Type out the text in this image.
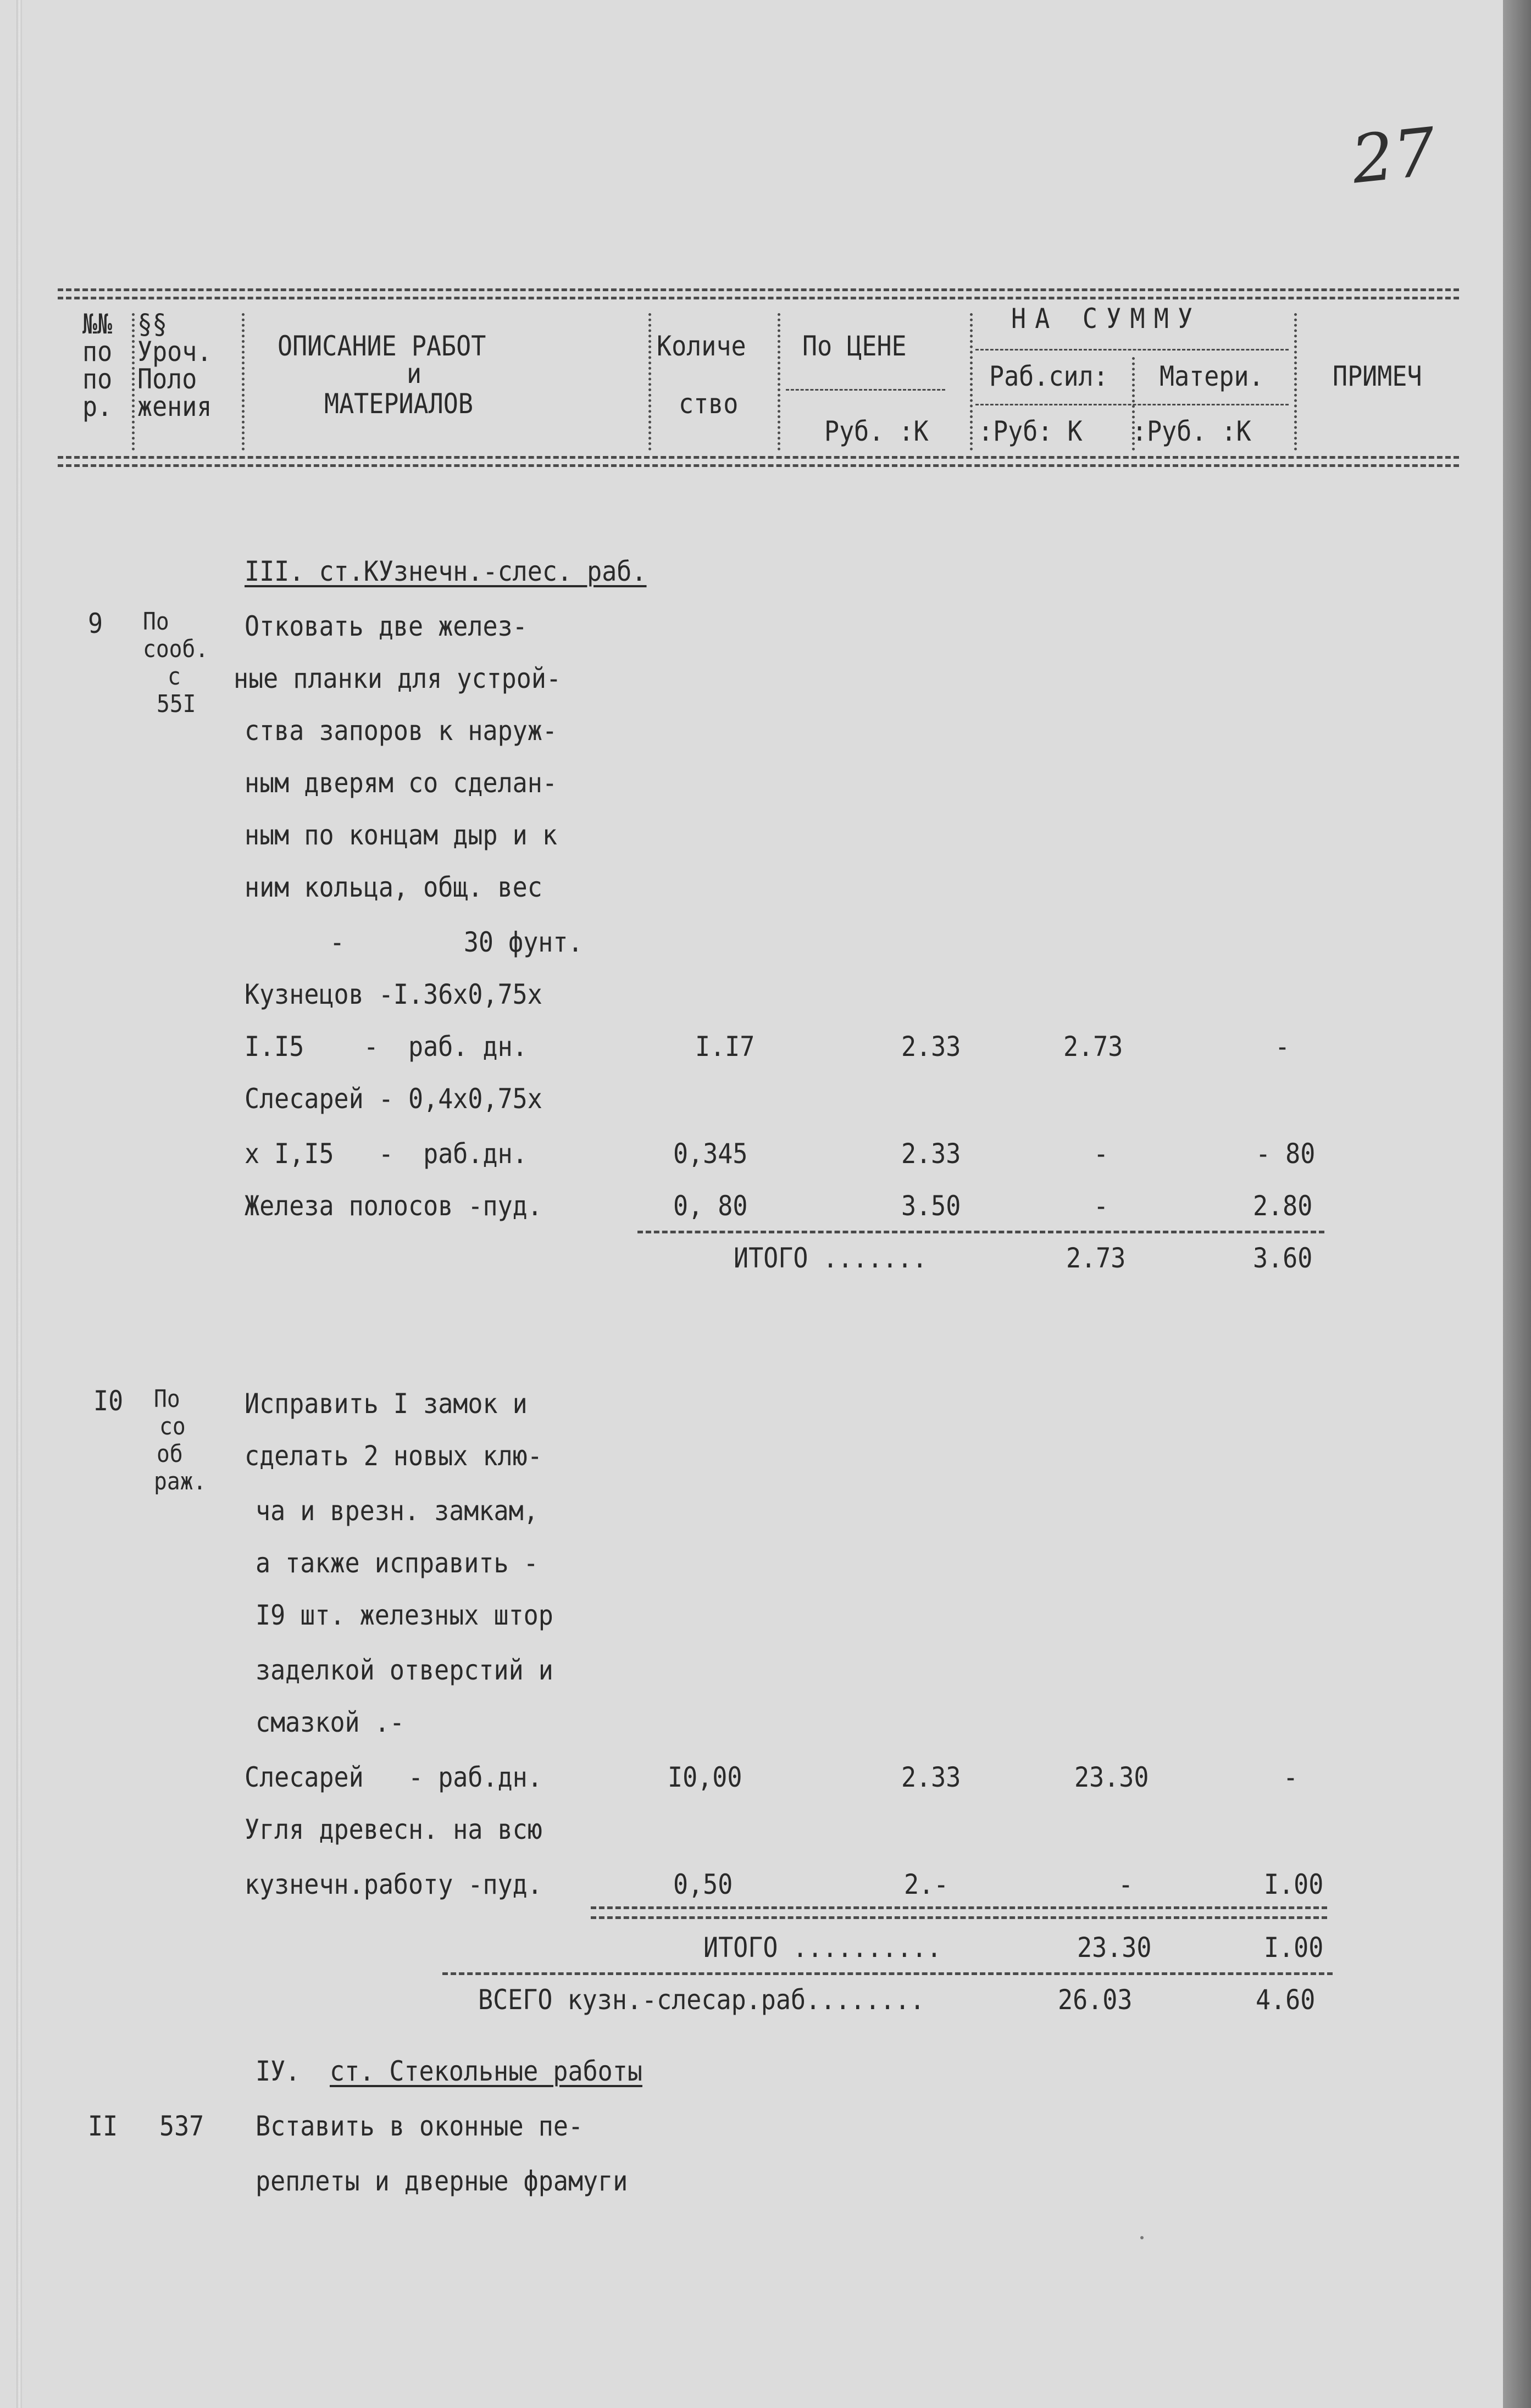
27
№№
по
по
р.
§§
Уроч.
Поло
жения
ОПИСАНИЕ РАБОТ
и
МАТЕРИАЛОВ
Количе
ство
По ЦЕНЕ
Руб. :К
НА СУММУ
Раб.сил: Матери.
:Руб: К :Руб. :К
ПРИМЕЧ
III. ст.КУзнечн.-слес. раб.
9 По
сооб.
с
55I
Отковать две желез-
ные планки для устрой-
ства запоров к наруж-
ным дверям со сделан-
ным по концам дыр и к
ним кольца, общ. вес
-        30 фунт.
Кузнецов -I.36х0,75х
I.I5    -  раб. дн.	I.I7	2.33	2.73	-
Слесарей - 0,4х0,75х
х I,I5   -  раб.дн.	0,345	2.33	-	- 80
Железа полосов -пуд.	0, 80	3.50	-	2.80
ИТОГО .......	2.73	3.60
I0 По
со
об
раж.
Исправить I замок и
сделать 2 новых клю-
ча и врезн. замкам,
а также исправить -
I9 шт. железных штор
заделкой отверстий и
смазкой .-
Слесарей   - раб.дн.	I0,00	2.33	23.30	-
Угля древесн. на всю
кузнечн.работу -пуд.	0,50	2.-	-	I.00
ИТОГО ..........	23.30	I.00
ВСЕГО кузн.-слесар.раб........	26.03	4.60
IУ. ст. Стекольные работы
II 537 Вставить в оконные пе-
реплеты и дверные фрамуги
